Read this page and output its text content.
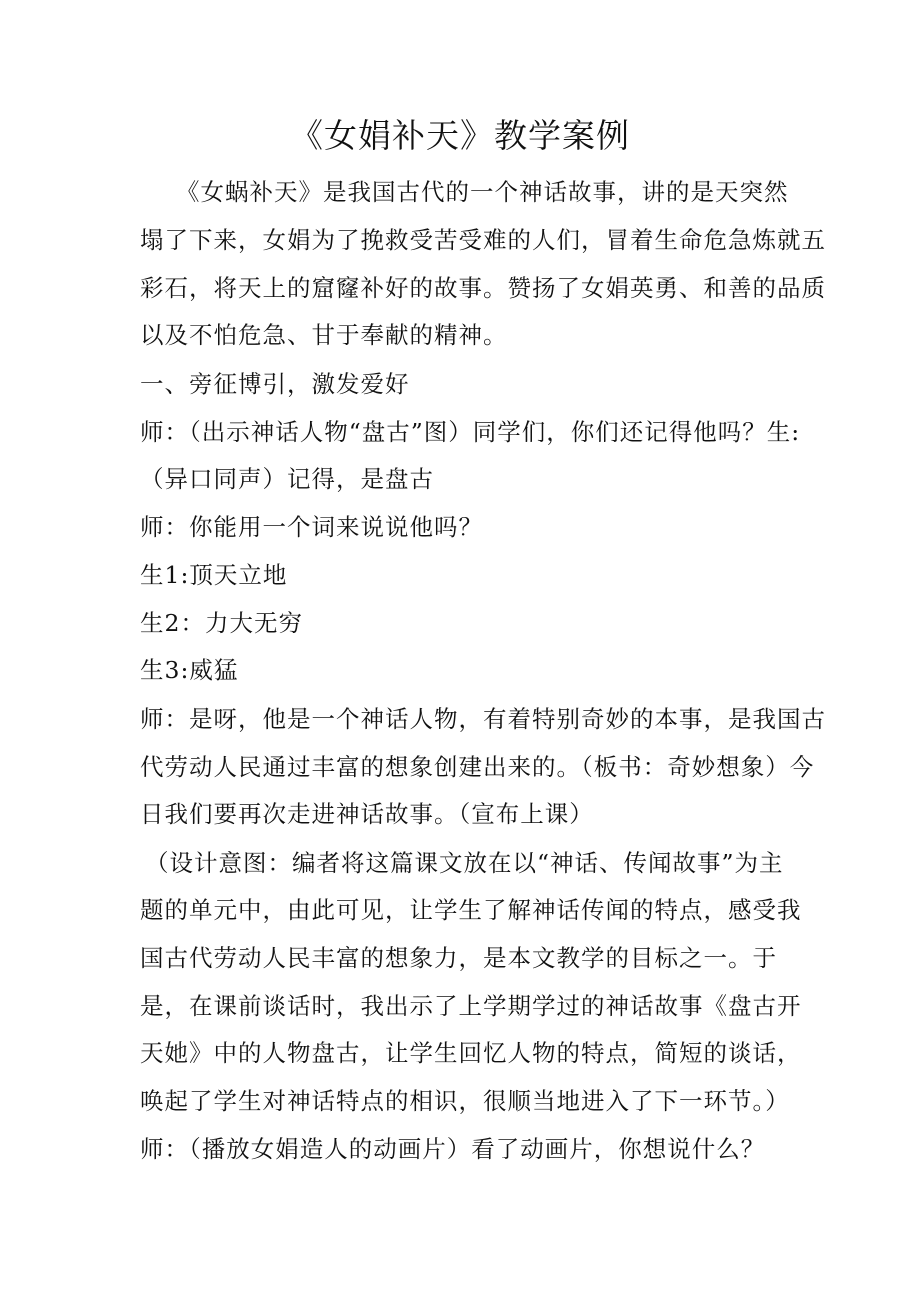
《女娟补天》教学案例
《女蜗补天》是我国古代的一个神话故事，讲的是天突然
塌了下来，女娟为了挽救受苦受难的人们，冒着生命危急炼就五
彩石，将天上的窟窿补好的故事。赞扬了女娟英勇、和善的品质
以及不怕危急、甘于奉献的精神。
一、旁征博引，激发爱好
师：（出示神话人物“盘古”图）同学们，你们还记得他吗？生:
（异口同声）记得，是盘古
师：你能用一个词来说说他吗？
生1:顶天立地
生2：力大无穷
生3:威猛
师：是呀，他是一个神话人物，有着特别奇妙的本事，是我国古
代劳动人民通过丰富的想象创建出来的。（板书：奇妙想象）今
日我们要再次走进神话故事。（宣布上课）
（设计意图：编者将这篇课文放在以“神话、传闻故事”为主
题的单元中，由此可见，让学生了解神话传闻的特点，感受我
国古代劳动人民丰富的想象力，是本文教学的目标之一。于
是，在课前谈话时，我出示了上学期学过的神话故事《盘古开
天她》中的人物盘古，让学生回忆人物的特点，简短的谈话，
唤起了学生对神话特点的相识，很顺当地进入了下一环节。）
师：（播放女娟造人的动画片）看了动画片，你想说什么？
